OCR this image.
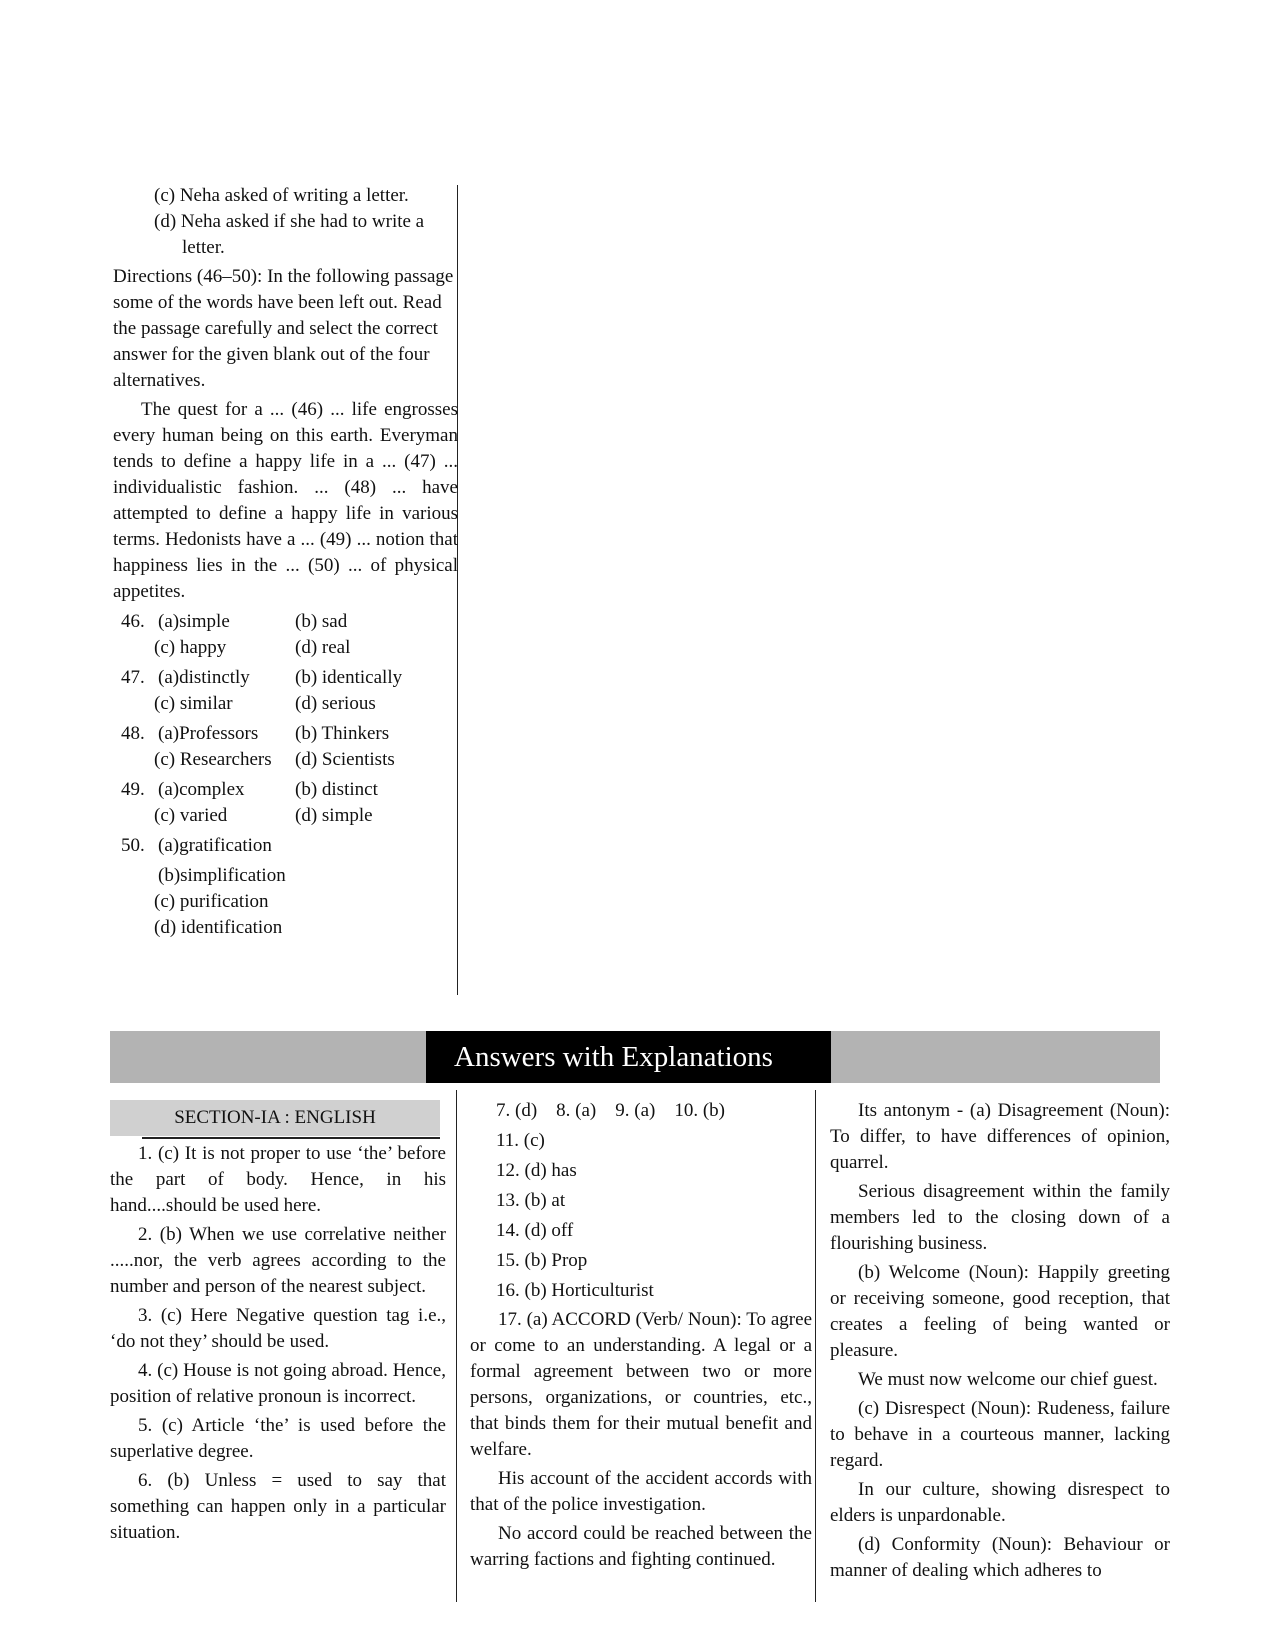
(c) Neha asked of writing a letter.

(d) Neha asked if she had to write a letter.

Directions (46–50): In the following passage some of the words have been left out. Read the passage carefully and select the correct answer for the given blank out of the four alternatives.

The quest for a ... (46) ... life engrosses every human being on this earth. Everyman tends to define a happy life in a ... (47) ... individualistic fashion. ... (48) ... have attempted to define a happy life in various terms. Hedonists have a ... (49) ... notion that happiness lies in the ... (50) ... of physical appetites.

46. (a)simple	(b) sad
(c) happy	(d) real
47. (a)distinctly (b) identically
(c) similar	(d) serious
48. (a)Professors (b) Thinkers
(c) Researchers (d) Scientists
49. (a)complex	(b) distinct
(c) varied	(d) simple
50. (a)gratification
(b)simplification
(c) purification
(d) identification
Answers with Explanations
SECTION-IA : ENGLISH

1. (c) It is not proper to use ‘the’ before the part of body. Hence, in his hand....should be used here.

2. (b) When we use correlative neither .....nor, the verb agrees according to the number and person of the nearest subject.

3. (c) Here Negative question tag i.e., ‘do not they’ should be used.

4. (c) House is not going abroad. Hence, position of relative pronoun is incorrect.

5. (c) Article ‘the’ is used before the superlative degree.

6. (b) Unless = used to say that something can happen only in a particular situation.

7. (d)    8. (a)    9. (a)    10. (b)

11. (c)

12. (d) has

13. (b) at

14. (d) off

15. (b) Prop

16. (b) Horticulturist

17. (a) ACCORD (Verb/ Noun): To agree or come to an understanding. A legal or a formal agreement between two or more persons, organizations, or countries, etc., that binds them for their mutual benefit and welfare.

His account of the accident accords with that of the police investigation.

No accord could be reached between the warring factions and fighting continued.

Its antonym - (a) Disagreement (Noun): To differ, to have differences of opinion, quarrel.

Serious disagreement within the family members led to the closing down of a flourishing business.

(b) Welcome (Noun): Happily greeting or receiving someone, good reception, that creates a feeling of being wanted or pleasure.

We must now welcome our chief guest.

(c) Disrespect (Noun): Rudeness, failure to behave in a courteous manner, lacking regard.

In our culture, showing disrespect to elders is unpardonable.

(d) Conformity (Noun): Behaviour or manner of dealing which adheres to
